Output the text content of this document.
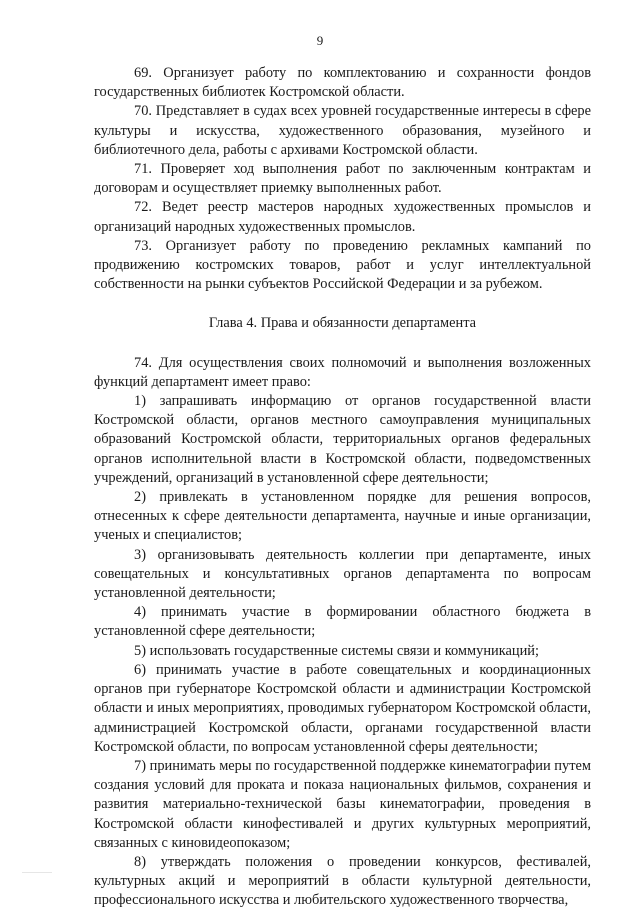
9

69. Организует работу по комплектованию и сохранности фондов государственных библиотек Костромской области.

70. Представляет в судах всех уровней государственные интересы в сфере культуры и искусства, художественного образования, музейного и библиотечного дела, работы с архивами Костромской области.

71. Проверяет ход выполнения работ по заключенным контрактам и договорам и осуществляет приемку выполненных работ.

72. Ведет реестр мастеров народных художественных промыслов и организаций народных художественных промыслов.

73. Организует работу по проведению рекламных кампаний по продвижению костромских товаров, работ и услуг интеллектуальной собственности на рынки субъектов Российской Федерации и за рубежом.

Глава 4. Права и обязанности департамента

74. Для осуществления своих полномочий и выполнения возложенных функций департамент имеет право:

1) запрашивать информацию от органов государственной власти Костромской области, органов местного самоуправления муниципальных образований Костромской области, территориальных органов федеральных органов исполнительной власти в Костромской области, подведомственных учреждений, организаций в установленной сфере деятельности;

2) привлекать в установленном порядке для решения вопросов, отнесенных к сфере деятельности департамента, научные и иные организации, ученых и специалистов;

3) организовывать деятельность коллегии при департаменте, иных совещательных и консультативных органов департамента по вопросам установленной деятельности;

4) принимать участие в формировании областного бюджета в установленной сфере деятельности;

5) использовать государственные системы связи и коммуникаций;

6) принимать участие в работе совещательных и координационных органов при губернаторе Костромской области и администрации Костромской области и иных мероприятиях, проводимых губернатором Костромской области, администрацией Костромской области, органами государственной власти Костромской области, по вопросам установленной сферы деятельности;

7) принимать меры по государственной поддержке кинематографии путем создания условий для проката и показа национальных фильмов, сохранения и развития материально-технической базы кинематографии, проведения в Костромской области кинофестивалей и других культурных мероприятий, связанных с киновидеопоказом;

8) утверждать положения о проведении конкурсов, фестивалей, культурных акций и мероприятий в области культурной деятельности, профессионального искусства и любительского художественного творчества,
